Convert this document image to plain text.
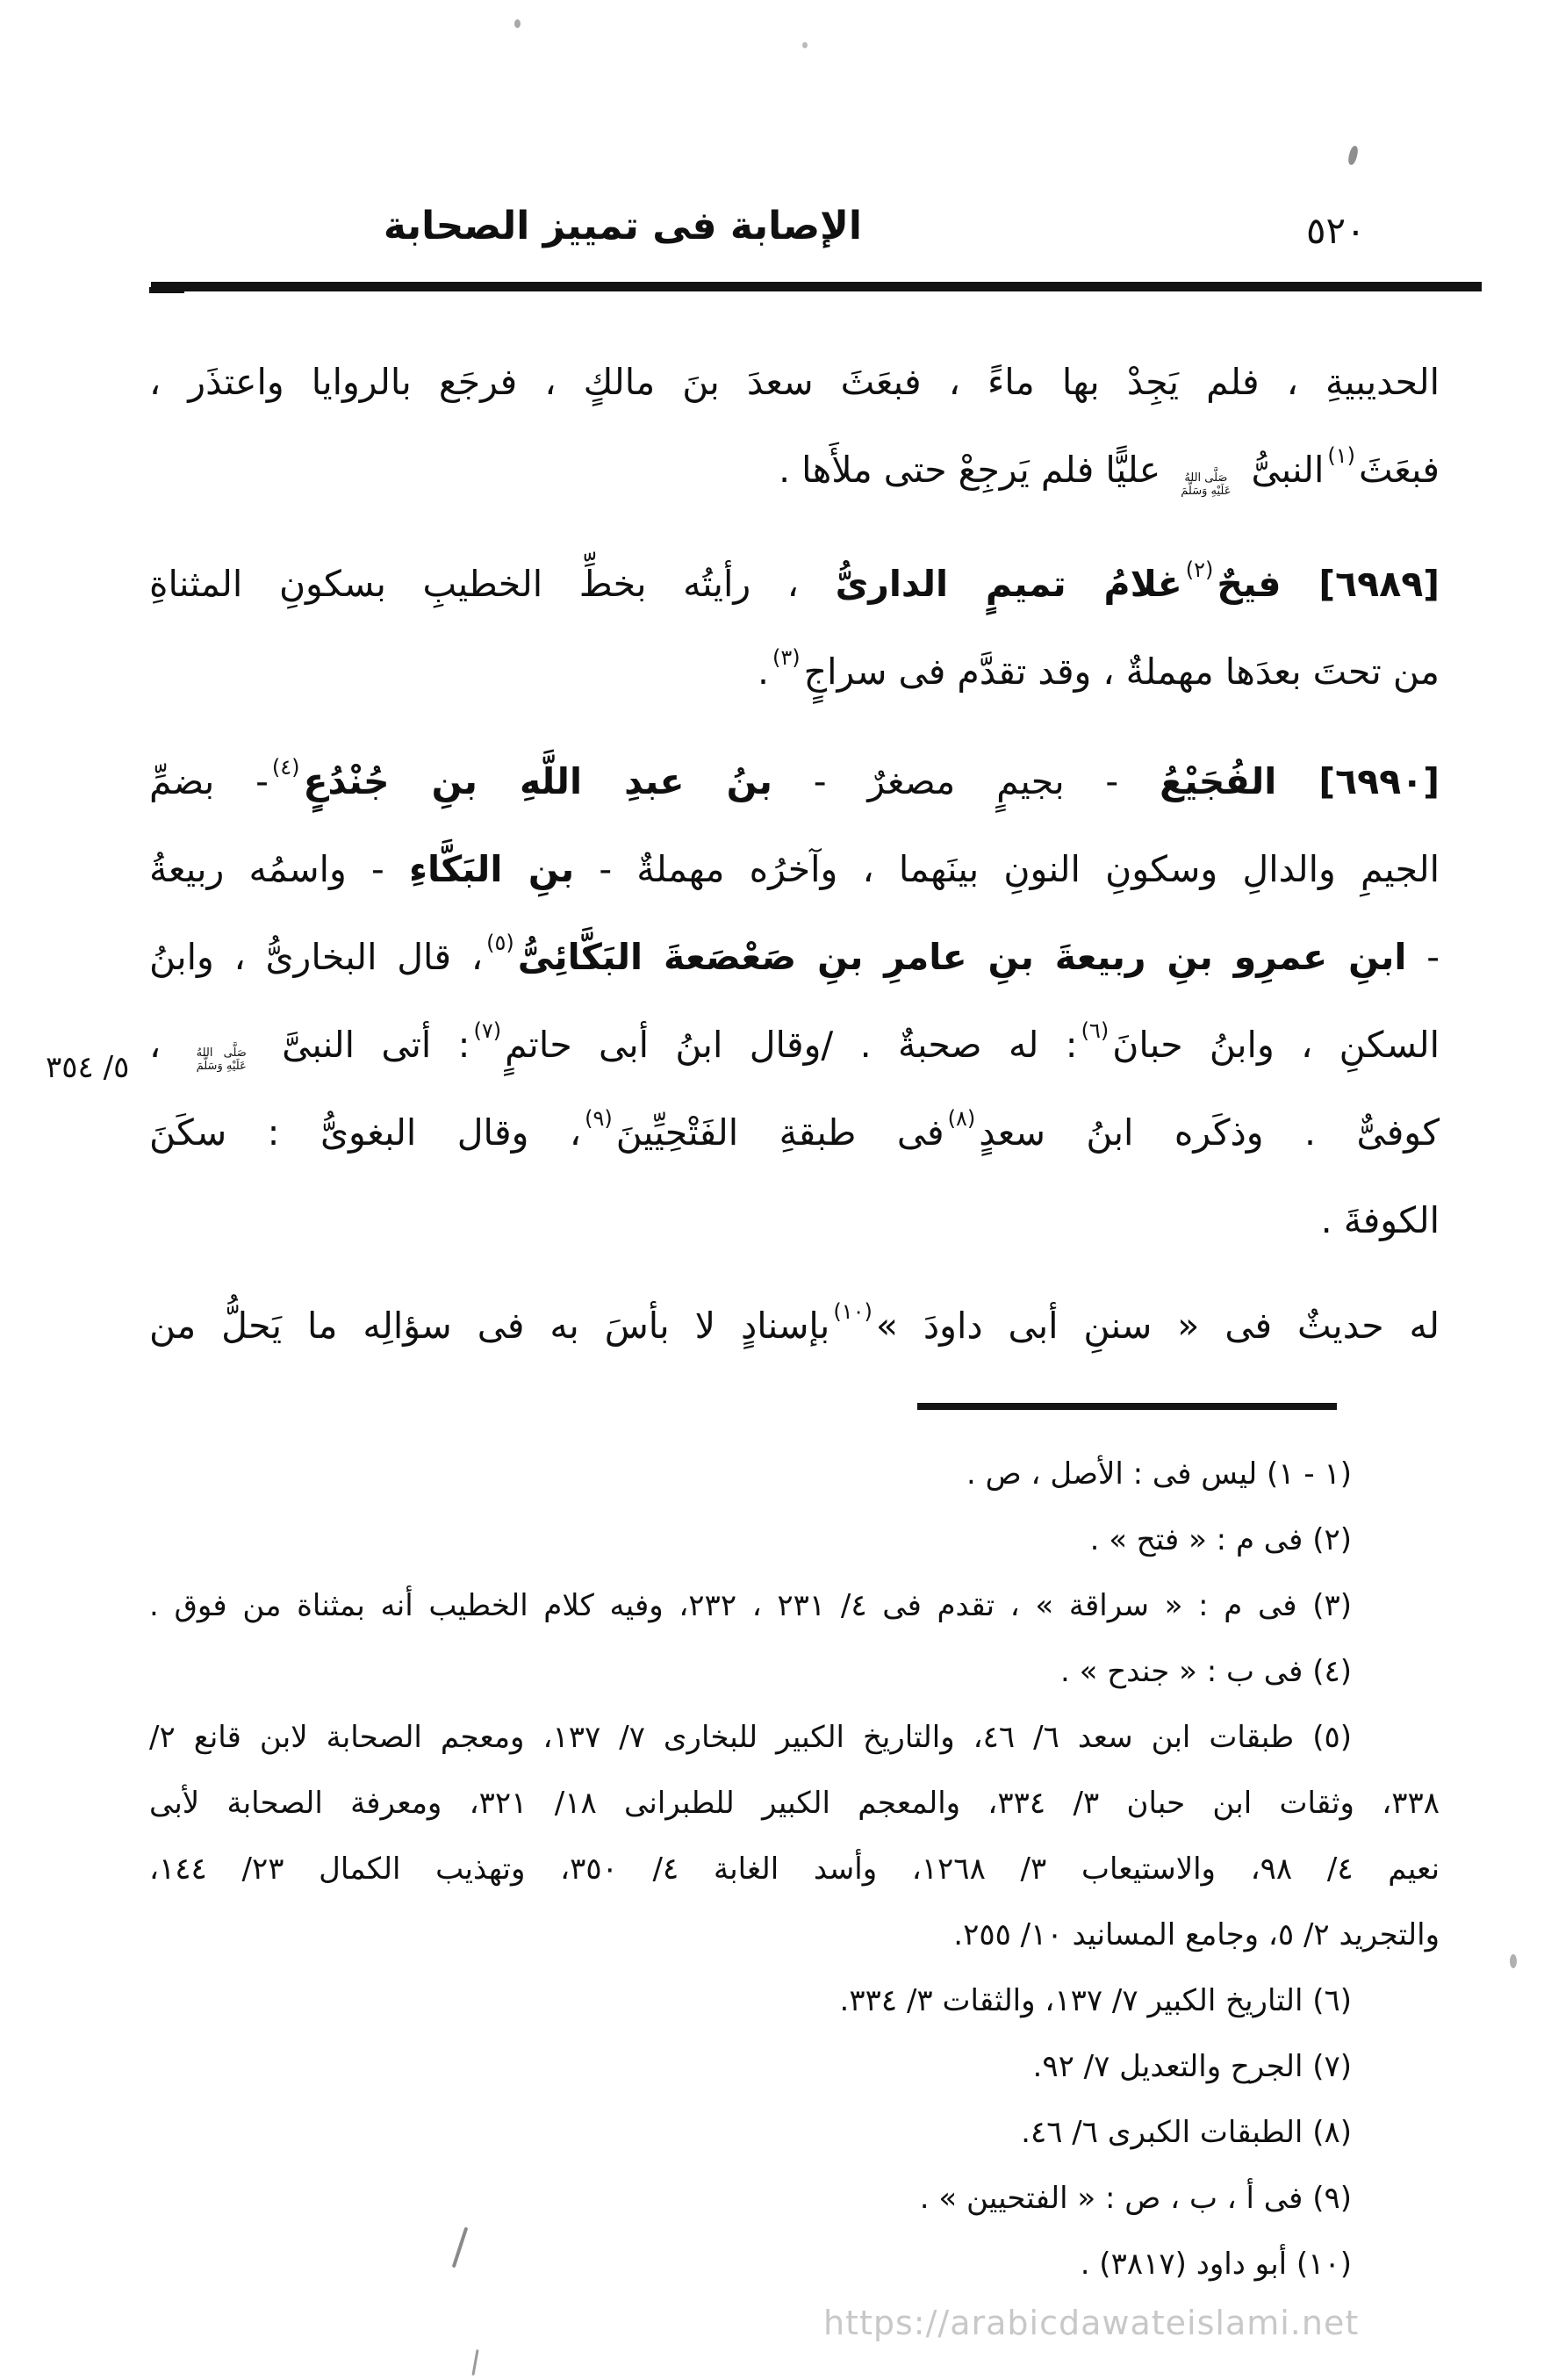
الإصابة فى تمييز الصحابة	٥٢٠
الحديبيةِ ، فلم يَجِدْ بها ماءً ، فبعَثَ سعدَ بنَ مالكٍ ، فرجَع بالروايا واعتذَر ،
فبعَثَ$^{(١)}$النبىُّ
صَلَّى اللهُ
عَلَيْهِ وَسَلَّمَ
عليًّا فلم يَرجِعْ حتى ملأَها .
[٦٩٨٩] فيحٌ$^{(٢)}$غلامُ تميمٍ الدارىُّ ، رأيتُه بخطِّ الخطيبِ بسكونِ المثناةِ
من تحتَ بعدَها مهملةٌ ، وقد تقدَّم فى سراجٍ$^{(٣)}$.
[٦٩٩٠] الفُجَيْعُ - بجيمٍ مصغرٌ - بنُ عبدِ اللَّهِ بنِ جُنْدُعٍ$^{(٤)}$- بضمِّ
الجيمِ والدالِ وسكونِ النونِ بينَهما ، وآخرُه مهملةٌ - بنِ البَكَّاءِ - واسمُه ربيعةُ
- ابنِ عمرِو بنِ ربيعةَ بنِ عامرِ بنِ صَعْصَعةَ البَكَّائِىُّ$^{(٥)}$، قال البخارىُّ ، وابنُ
السكنِ ، وابنُ حبانَ$^{(٦)}$: له صحبةٌ . /وقال ابنُ أبى حاتمٍ$^{(٧)}$: أتى النبىَّ
صَلَّى اللهُ
عَلَيْهِ وَسَلَّمَ
،
كوفىٌّ . وذكَره ابنُ سعدٍ$^{(٨)}$فى طبقةِ الفَتْحِيِّينَ$^{(٩)}$، وقال البغوىُّ : سكَنَ
الكوفةَ .
له حديثٌ فى « سننِ أبى داودَ »$^{(١٠)}$بإسنادٍ لا بأسَ به فى سؤالِه ما يَحلُّ من
٥/ ٣٥٤
(١ - ١) ليس فى : الأصل ، ص .
(٢) فى م : « فتح » .
(٣) فى م : « سراقة » ، تقدم فى ٤/ ٢٣١ ، ٢٣٢، وفيه كلام الخطيب أنه بمثناة من فوق .
(٤) فى ب : « جندح » .
(٥) طبقات ابن سعد ٦/ ٤٦، والتاريخ الكبير للبخارى ٧/ ١٣٧، ومعجم الصحابة لابن قانع ٢/
٣٣٨، وثقات ابن حبان ٣/ ٣٣٤، والمعجم الكبير للطبرانى ١٨/ ٣٢١، ومعرفة الصحابة لأبى
نعيم ٤/ ٩٨، والاستيعاب ٣/ ١٢٦٨، وأسد الغابة ٤/ ٣٥٠، وتهذيب الكمال ٢٣/ ١٤٤،
والتجريد ٢/ ٥، وجامع المسانيد ١٠/ ٢٥٥.
(٦) التاريخ الكبير ٧/ ١٣٧، والثقات ٣/ ٣٣٤.
(٧) الجرح والتعديل ٧/ ٩٢.
(٨) الطبقات الكبرى ٦/ ٤٦.
(٩) فى أ ، ب ، ص : « الفتحيين » .
(١٠) أبو داود (٣٨١٧) .
https://arabicdawateislami.net
